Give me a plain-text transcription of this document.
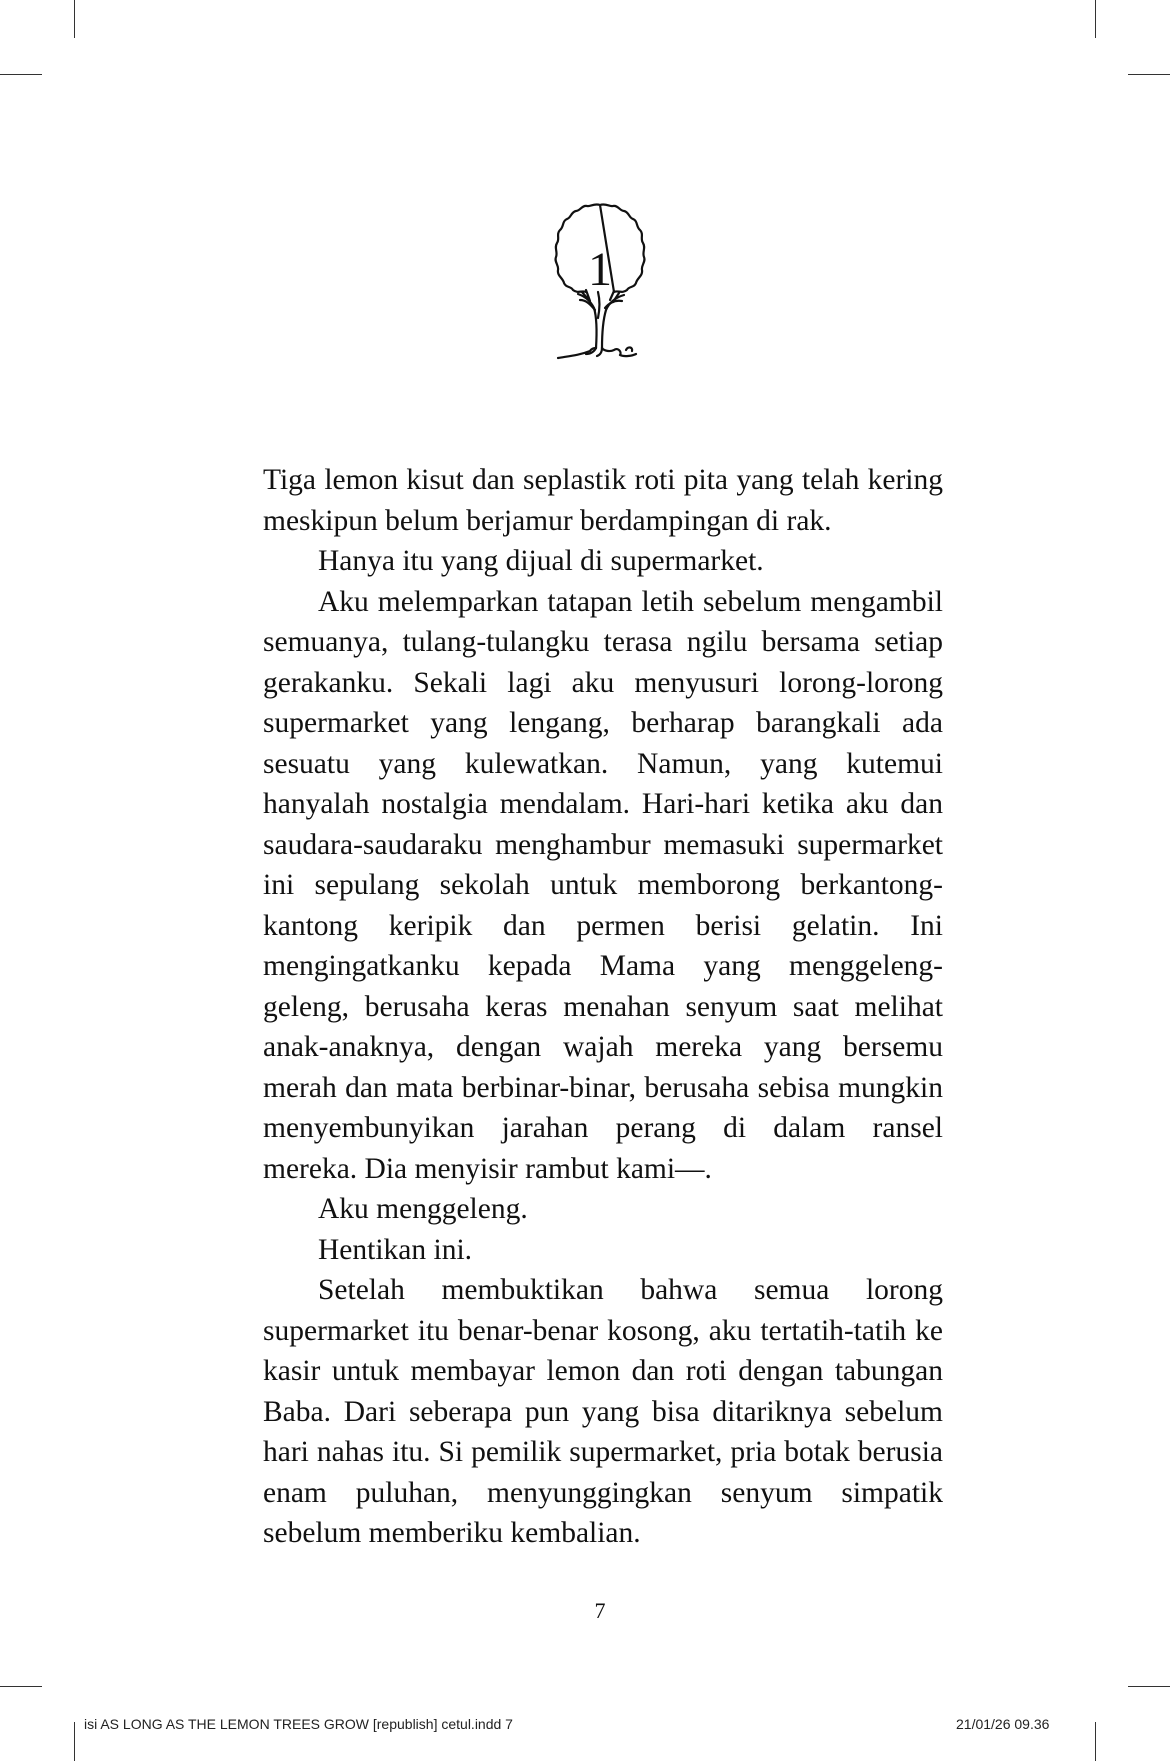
1

Tiga lemon kisut dan seplastik roti pita yang telah kering meskipun belum berjamur berdampingan di rak.

Hanya itu yang dijual di supermarket.

Aku melemparkan tatapan letih sebelum mengambil semuanya, tulang-tulangku terasa ngilu bersama setiap gerakanku. Sekali lagi aku menyusuri lorong-lorong supermarket yang lengang, berharap barangkali ada sesuatu yang kulewatkan. Namun, yang kutemui hanyalah nostalgia mendalam. Hari-hari ketika aku dan saudara-saudaraku menghambur memasuki supermarket ini sepulang sekolah untuk memborong berkantong-kantong keripik dan permen berisi gelatin. Ini mengingatkanku kepada Mama yang menggeleng-geleng, berusaha keras menahan senyum saat melihat anak-anaknya, dengan wajah mereka yang bersemu merah dan mata berbinar-binar, berusaha sebisa mungkin menyembunyikan jarahan perang di dalam ransel mereka. Dia menyisir rambut kami—.

Aku menggeleng.

Hentikan ini.

Setelah membuktikan bahwa semua lorong supermarket itu benar-benar kosong, aku tertatih-tatih ke kasir untuk membayar lemon dan roti dengan tabungan Baba. Dari seberapa pun yang bisa ditariknya sebelum hari nahas itu. Si pemilik supermarket, pria botak berusia enam puluhan, menyunggingkan senyum simpatik sebelum memberiku kembalian.

7
isi AS LONG AS THE LEMON TREES GROW [republish] cetul.indd 7	21/01/26 09.36
